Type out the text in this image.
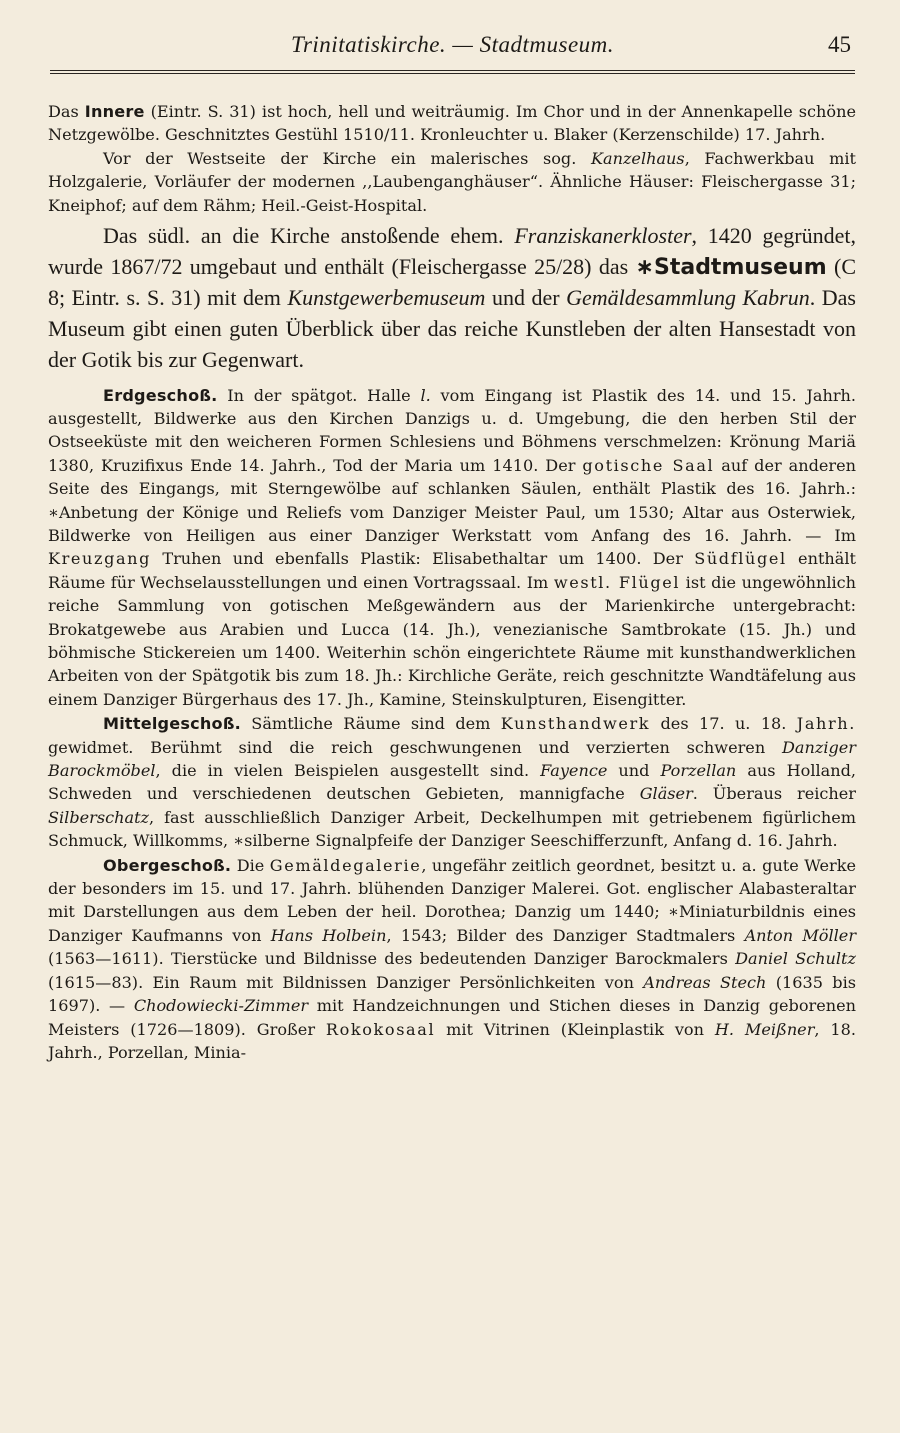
Trinitatiskirche. — Stadtmuseum.	45

Das Innere (Eintr. S. 31) ist hoch, hell und weiträumig. Im Chor und in der Annenkapelle schöne Netzgewölbe. Geschnitztes Gestühl 1510/11. Kronleuchter u. Blaker (Kerzenschilde) 17. Jahrh.

Vor der Westseite der Kirche ein malerisches sog. Kanzelhaus, Fachwerkbau mit Holzgalerie, Vorläufer der modernen ,,Laubenganghäuser“. Ähnliche Häuser: Fleischergasse 31; Kneiphof; auf dem Rähm; Heil.-Geist-Hospital.

Das südl. an die Kirche anstoßende ehem. Franziskanerkloster, 1420 gegründet, wurde 1867/72 umgebaut und enthält (Fleischergasse 25/28) das ∗Stadtmuseum (C 8; Eintr. s. S. 31) mit dem Kunstgewerbemuseum und der Gemäldesammlung Kabrun. Das Museum gibt einen guten Überblick über das reiche Kunstleben der alten Hansestadt von der Gotik bis zur Gegenwart.

Erdgeschoß. In der spätgot. Halle l. vom Eingang ist Plastik des 14. und 15. Jahrh. ausgestellt, Bildwerke aus den Kirchen Danzigs u. d. Umgebung, die den herben Stil der Ostseeküste mit den weicheren Formen Schlesiens und Böhmens verschmelzen: Krönung Mariä 1380, Kruzifixus Ende 14. Jahrh., Tod der Maria um 1410. Der gotische Saal auf der anderen Seite des Eingangs, mit Sterngewölbe auf schlanken Säulen, enthält Plastik des 16. Jahrh.: ∗Anbetung der Könige und Reliefs vom Danziger Meister Paul, um 1530; Altar aus Osterwiek, Bildwerke von Heiligen aus einer Danziger Werkstatt vom Anfang des 16. Jahrh. — Im Kreuzgang Truhen und ebenfalls Plastik: Elisabethaltar um 1400. Der Südflügel enthält Räume für Wechselausstellungen und einen Vortragssaal. Im westl. Flügel ist die ungewöhnlich reiche Sammlung von gotischen Meßgewändern aus der Marienkirche untergebracht: Brokatgewebe aus Arabien und Lucca (14. Jh.), venezianische Samtbrokate (15. Jh.) und böhmische Stickereien um 1400. Weiterhin schön eingerichtete Räume mit kunsthandwerklichen Arbeiten von der Spätgotik bis zum 18. Jh.: Kirchliche Geräte, reich geschnitzte Wandtäfelung aus einem Danziger Bürgerhaus des 17. Jh., Kamine, Steinskulpturen, Eisengitter.

Mittelgeschoß. Sämtliche Räume sind dem Kunsthandwerk des 17. u. 18. Jahrh. gewidmet. Berühmt sind die reich geschwungenen und verzierten schweren Danziger Barockmöbel, die in vielen Beispielen ausgestellt sind. Fayence und Porzellan aus Holland, Schweden und verschiedenen deutschen Gebieten, mannigfache Gläser. Überaus reicher Silberschatz, fast ausschließlich Danziger Arbeit, Deckelhumpen mit getriebenem figürlichem Schmuck, Willkomms, ∗silberne Signalpfeife der Danziger Seeschifferzunft, Anfang d. 16. Jahrh.

Obergeschoß. Die Gemäldegalerie, ungefähr zeitlich geordnet, besitzt u. a. gute Werke der besonders im 15. und 17. Jahrh. blühenden Danziger Malerei. Got. englischer Alabasteraltar mit Darstellungen aus dem Leben der heil. Dorothea; Danzig um 1440; ∗Miniaturbildnis eines Danziger Kaufmanns von Hans Holbein, 1543; Bilder des Danziger Stadtmalers Anton Möller (1563—1611). Tierstücke und Bildnisse des bedeutenden Danziger Barockmalers Daniel Schultz (1615—83). Ein Raum mit Bildnissen Danziger Persönlichkeiten von Andreas Stech (1635 bis 1697). — Chodowiecki-Zimmer mit Handzeichnungen und Stichen dieses in Danzig geborenen Meisters (1726—1809). Großer Rokokosaal mit Vitrinen (Kleinplastik von H. Meißner, 18. Jahrh., Porzellan, Minia-
